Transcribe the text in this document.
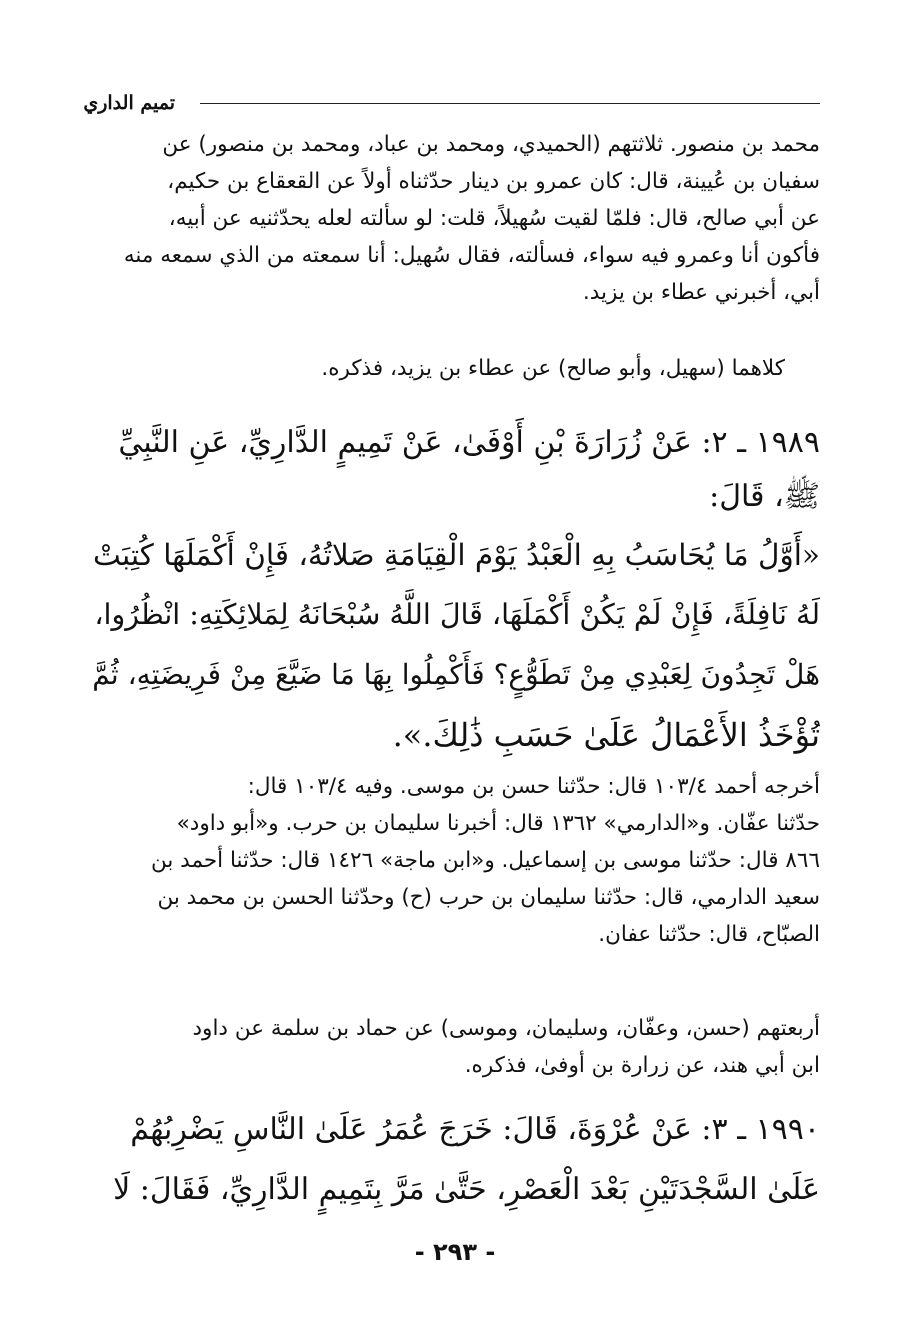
تميم الداري
محمد بن منصور. ثلاثتهم (الحميدي، ومحمد بن عباد، ومحمد بن منصور) عن
سفيان بن عُيينة، قال: كان عمرو بن دينار حدّثناه أولاً عن القعقاع بن حكيم،
عن أبي صالح، قال: فلمّا لقيت سُهيلاً، قلت: لو سألته لعله يحدّثنيه عن أبيه،
فأكون أنا وعمرو فيه سواء، فسألته، فقال سُهيل: أنا سمعته من الذي سمعه منه
أبي، أخبرني عطاء بن يزيد.
كلاهما (سهيل، وأبو صالح) عن عطاء بن يزيد، فذكره.
١٩٨٩ ـ ٢: عَنْ زُرَارَةَ بْنِ أَوْفَىٰ، عَنْ تَمِيمٍ الدَّارِيِّ، عَنِ النَّبِيِّ
ﷺ، قَالَ:
«أَوَّلُ مَا يُحَاسَبُ بِهِ الْعَبْدُ يَوْمَ الْقِيَامَةِ صَلاتُهُ، فَإِنْ أَكْمَلَهَا كُتِبَتْ
لَهُ نَافِلَةً، فَإِنْ لَمْ يَكُنْ أَكْمَلَهَا، قَالَ اللَّهُ سُبْحَانَهُ لِمَلائِكَتِهِ: انْظُرُوا،
هَلْ تَجِدُونَ لِعَبْدِي مِنْ تَطَوُّعٍ؟ فَأَكْمِلُوا بِهَا مَا ضَيَّعَ مِنْ فَرِيضَتِهِ، ثُمَّ
تُؤْخَذُ الأَعْمَالُ عَلَىٰ حَسَبِ ذَٰلِكَ.».
أخرجه أحمد ١٠٣/٤ قال: حدّثنا حسن بن موسى. وفيه ١٠٣/٤ قال:
حدّثنا عفّان. و«الدارمي» ١٣٦٢ قال: أخبرنا سليمان بن حرب. و«أبو داود»
٨٦٦ قال: حدّثنا موسى بن إسماعيل. و«ابن ماجة» ١٤٢٦ قال: حدّثنا أحمد بن
سعيد الدارمي، قال: حدّثنا سليمان بن حرب (ح) وحدّثنا الحسن بن محمد بن
الصبّاح، قال: حدّثنا عفان.
أربعتهم (حسن، وعفّان، وسليمان، وموسى) عن حماد بن سلمة عن داود
ابن أبي هند، عن زرارة بن أوفىٰ، فذكره.
١٩٩٠ ـ ٣: عَنْ عُرْوَةَ، قَالَ: خَرَجَ عُمَرُ عَلَىٰ النَّاسِ يَضْرِبُهُمْ
عَلَىٰ السَّجْدَتَيْنِ بَعْدَ الْعَصْرِ، حَتَّىٰ مَرَّ بِتَمِيمٍ الدَّارِيِّ، فَقَالَ: لَا
- ٢٩٣ -
